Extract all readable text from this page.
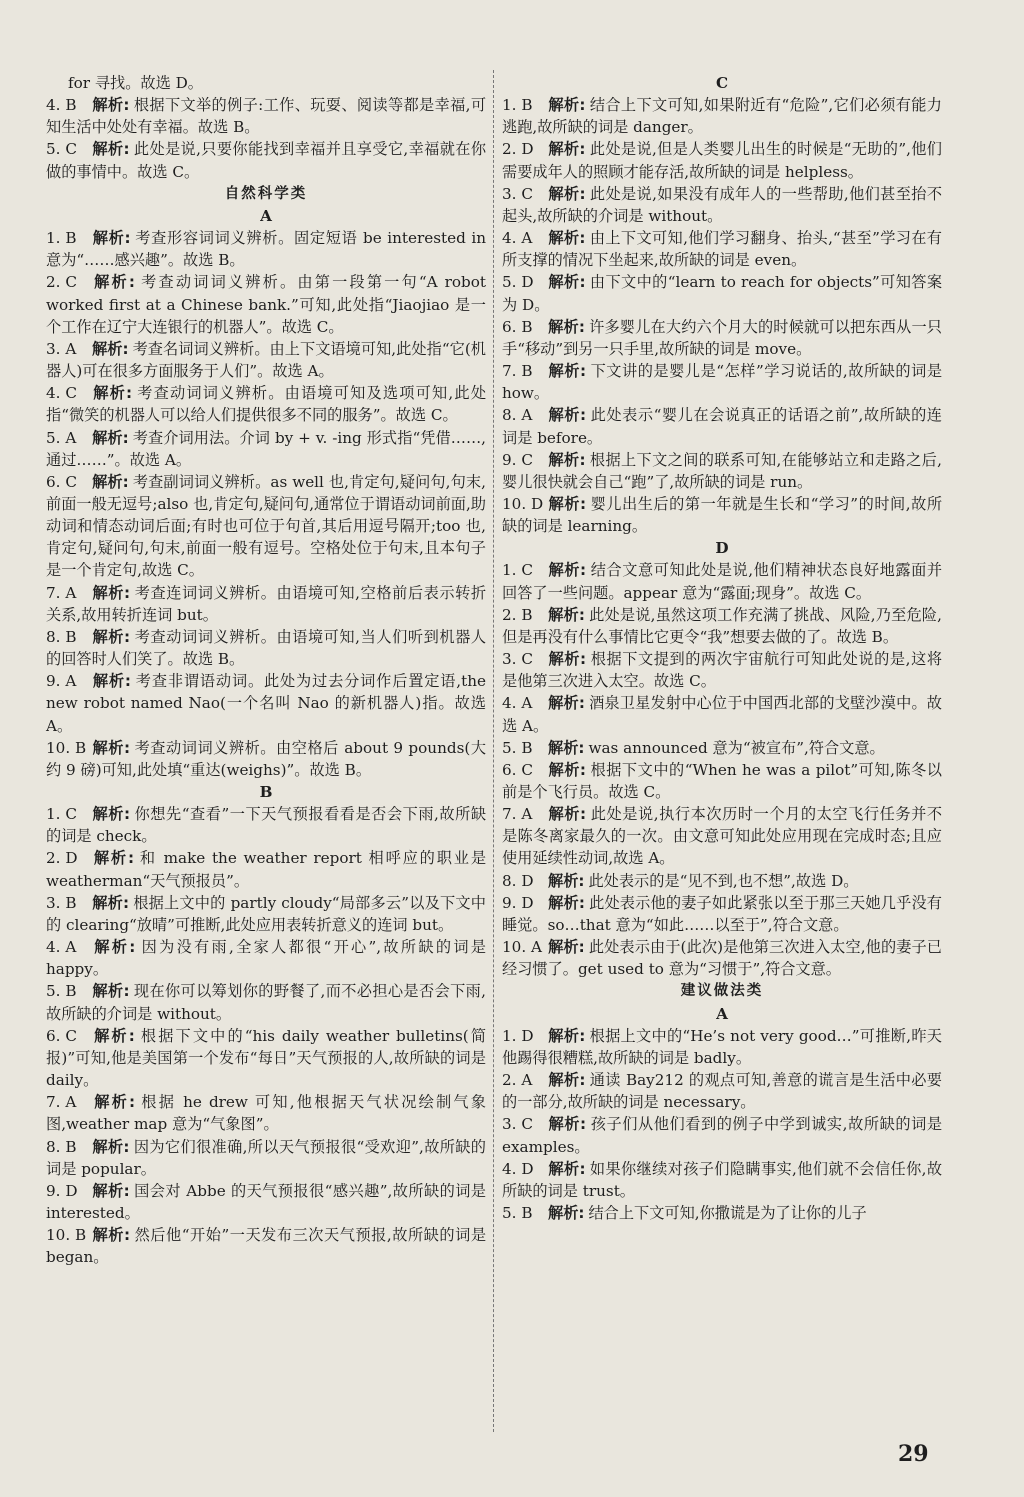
for 寻找。故选 D。
4. B 解析: 根据下文举的例子:工作、玩耍、阅读等都是幸福,可知生活中处处有幸福。故选 B。
5. C 解析: 此处是说,只要你能找到幸福并且享受它,幸福就在你做的事情中。故选 C。
自然科学类
A
1. B 解析: 考查形容词词义辨析。固定短语 be interested in 意为“……感兴趣”。故选 B。
2. C 解析: 考查动词词义辨析。由第一段第一句“A robot worked first at a Chinese bank.”可知,此处指“Jiaojiao 是一个工作在辽宁大连银行的机器人”。故选 C。
3. A 解析: 考查名词词义辨析。由上下文语境可知,此处指“它(机器人)可在很多方面服务于人们”。故选 A。
4. C 解析: 考查动词词义辨析。由语境可知及选项可知,此处指“微笑的机器人可以给人们提供很多不同的服务”。故选 C。
5. A 解析: 考查介词用法。介词 by + v. -ing 形式指“凭借……,通过……”。故选 A。
6. C 解析: 考查副词词义辨析。as well 也,肯定句,疑问句,句末,前面一般无逗号;also 也,肯定句,疑问句,通常位于谓语动词前面,助动词和情态动词后面;有时也可位于句首,其后用逗号隔开;too 也,肯定句,疑问句,句末,前面一般有逗号。空格处位于句末,且本句子是一个肯定句,故选 C。
7. A 解析: 考查连词词义辨析。由语境可知,空格前后表示转折关系,故用转折连词 but。
8. B 解析: 考查动词词义辨析。由语境可知,当人们听到机器人的回答时人们笑了。故选 B。
9. A 解析: 考查非谓语动词。此处为过去分词作后置定语,the new robot named Nao(一个名叫 Nao 的新机器人)指。故选 A。
10. B 解析: 考查动词词义辨析。由空格后 about 9 pounds(大约 9 磅)可知,此处填“重达(weighs)”。故选 B。
B
1. C 解析: 你想先“查看”一下天气预报看看是否会下雨,故所缺的词是 check。
2. D 解析: 和 make the weather report 相呼应的职业是 weatherman“天气预报员”。
3. B 解析: 根据上文中的 partly cloudy“局部多云”以及下文中的 clearing“放晴”可推断,此处应用表转折意义的连词 but。
4. A 解析: 因为没有雨,全家人都很“开心”,故所缺的词是 happy。
5. B 解析: 现在你可以筹划你的野餐了,而不必担心是否会下雨,故所缺的介词是 without。
6. C 解析: 根据下文中的“his daily weather bulletins(简报)”可知,他是美国第一个发布“每日”天气预报的人,故所缺的词是 daily。
7. A 解析: 根据 he drew 可知,他根据天气状况绘制气象图,weather map 意为“气象图”。
8. B 解析: 因为它们很准确,所以天气预报很“受欢迎”,故所缺的词是 popular。
9. D 解析: 国会对 Abbe 的天气预报很“感兴趣”,故所缺的词是 interested。
10. B 解析: 然后他“开始”一天发布三次天气预报,故所缺的词是 began。
C
1. B 解析: 结合上下文可知,如果附近有“危险”,它们必须有能力逃跑,故所缺的词是 danger。
2. D 解析: 此处是说,但是人类婴儿出生的时候是“无助的”,他们需要成年人的照顾才能存活,故所缺的词是 helpless。
3. C 解析: 此处是说,如果没有成年人的一些帮助,他们甚至抬不起头,故所缺的介词是 without。
4. A 解析: 由上下文可知,他们学习翻身、抬头,“甚至”学习在有所支撑的情况下坐起来,故所缺的词是 even。
5. D 解析: 由下文中的“learn to reach for objects”可知答案为 D。
6. B 解析: 许多婴儿在大约六个月大的时候就可以把东西从一只手“移动”到另一只手里,故所缺的词是 move。
7. B 解析: 下文讲的是婴儿是“怎样”学习说话的,故所缺的词是 how。
8. A 解析: 此处表示“婴儿在会说真正的话语之前”,故所缺的连词是 before。
9. C 解析: 根据上下文之间的联系可知,在能够站立和走路之后,婴儿很快就会自己“跑”了,故所缺的词是 run。
10. D 解析: 婴儿出生后的第一年就是生长和“学习”的时间,故所缺的词是 learning。
D
1. C 解析: 结合文意可知此处是说,他们精神状态良好地露面并回答了一些问题。appear 意为“露面;现身”。故选 C。
2. B 解析: 此处是说,虽然这项工作充满了挑战、风险,乃至危险,但是再没有什么事情比它更令“我”想要去做的了。故选 B。
3. C 解析: 根据下文提到的两次宇宙航行可知此处说的是,这将是他第三次进入太空。故选 C。
4. A 解析: 酒泉卫星发射中心位于中国西北部的戈壁沙漠中。故选 A。
5. B 解析: was announced 意为“被宣布”,符合文意。
6. C 解析: 根据下文中的“When he was a pilot”可知,陈冬以前是个飞行员。故选 C。
7. A 解析: 此处是说,执行本次历时一个月的太空飞行任务并不是陈冬离家最久的一次。由文意可知此处应用现在完成时态;且应使用延续性动词,故选 A。
8. D 解析: 此处表示的是“见不到,也不想”,故选 D。
9. D 解析: 此处表示他的妻子如此紧张以至于那三天她几乎没有睡觉。so…that 意为“如此……以至于”,符合文意。
10. A 解析: 此处表示由于(此次)是他第三次进入太空,他的妻子已经习惯了。get used to 意为“习惯于”,符合文意。
建议做法类
A
1. D 解析: 根据上文中的“He’s not very good…”可推断,昨天他踢得很糟糕,故所缺的词是 badly。
2. A 解析: 通读 Bay212 的观点可知,善意的谎言是生活中必要的一部分,故所缺的词是 necessary。
3. C 解析: 孩子们从他们看到的例子中学到诚实,故所缺的词是 examples。
4. D 解析: 如果你继续对孩子们隐瞒事实,他们就不会信任你,故所缺的词是 trust。
5. B 解析: 结合上下文可知,你撒谎是为了让你的儿子
29
